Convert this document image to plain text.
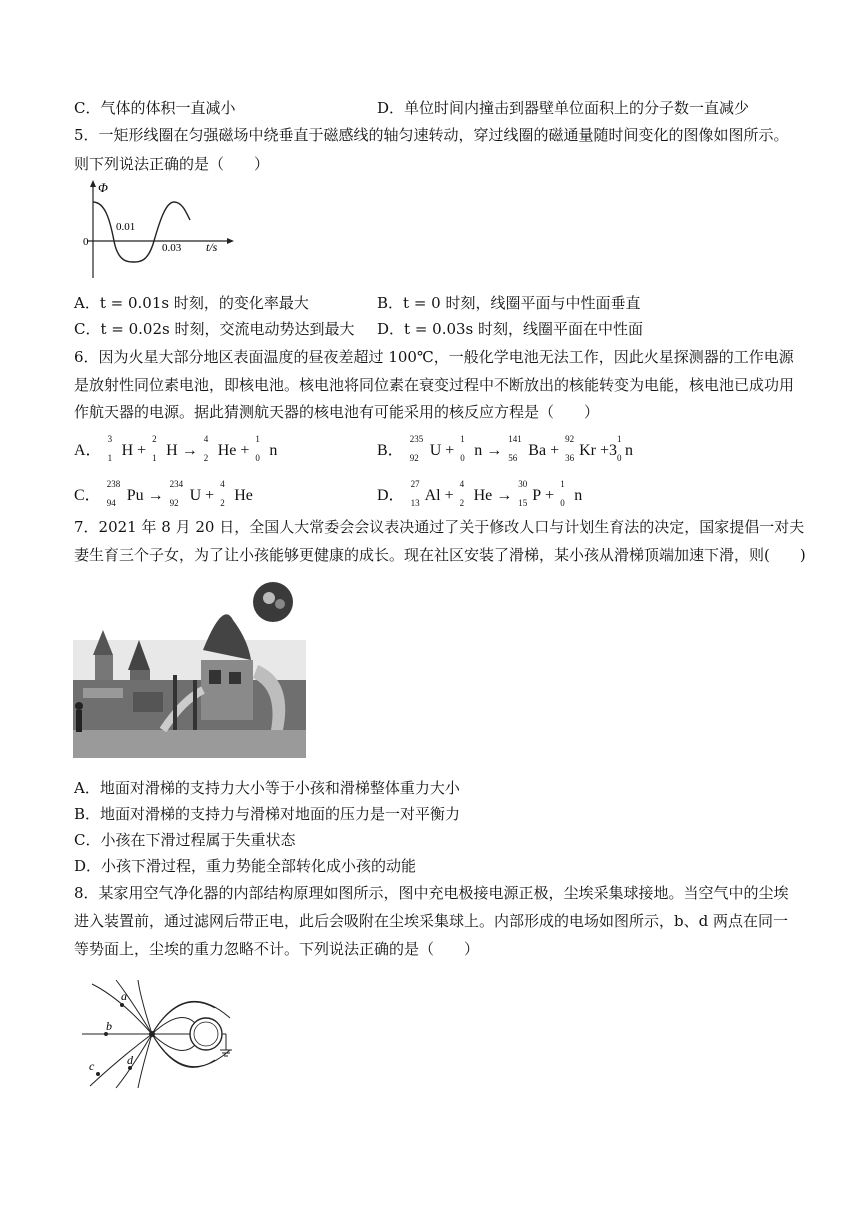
C．气体的体积一直减小	D．单位时间内撞击到器壁单位面积上的分子数一直减少
5．一矩形线圈在匀强磁场中绕垂直于磁感线的轴匀速转动，穿过线圈的磁通量随时间变化的图像如图所示。
则下列说法正确的是（　　）
Φ
0
0.01
0.03 t/s
A．t = 0.01s 时刻，的变化率最大	B．t = 0 时刻，线圈平面与中性面垂直
C．t = 0.02s 时刻，交流电动势达到最大 D．t = 0.03s 时刻，线圈平面在中性面
6．因为火星大部分地区表面温度的昼夜差超过 100℃，一般化学电池无法工作，因此火星探测器的工作电源
是放射性同位素电池，即核电池。核电池将同位素在衰变过程中不断放出的核能转变为电能，核电池已成功用
作航天器的电源。据此猜测航天器的核电池有可能采用的核反应方程是（　　）
A．
3
1 H +
2
1 H →
4
2 He +
1
0 n	B．
235
92 U +
1
0 n →
141
56 Ba +
92
36 Kr +3
1
0 n
C．
238
94 Pu →
234
92 U +
4
2 He	D．
27
13 Al +
4
2 He →
30
15 P +
1
0 n
7．2021 年 8 月 20 日，全国人大常委会会议表决通过了关于修改人口与计划生育法的决定，国家提倡一对夫
妻生育三个子女，为了让小孩能够更健康的成长。现在社区安装了滑梯，某小孩从滑梯顶端加速下滑，则(　　)
A．地面对滑梯的支持力大小等于小孩和滑梯整体重力大小
B．地面对滑梯的支持力与滑梯对地面的压力是一对平衡力
C．小孩在下滑过程属于失重状态
D．小孩下滑过程，重力势能全部转化成小孩的动能
8．某家用空气净化器的内部结构原理如图所示，图中充电极接电源正极，尘埃采集球接地。当空气中的尘埃
进入装置前，通过滤网后带正电，此后会吸附在尘埃采集球上。内部形成的电场如图所示，b、d 两点在同一
等势面上，尘埃的重力忽略不计。下列说法正确的是（　　）
a
b
c	d
